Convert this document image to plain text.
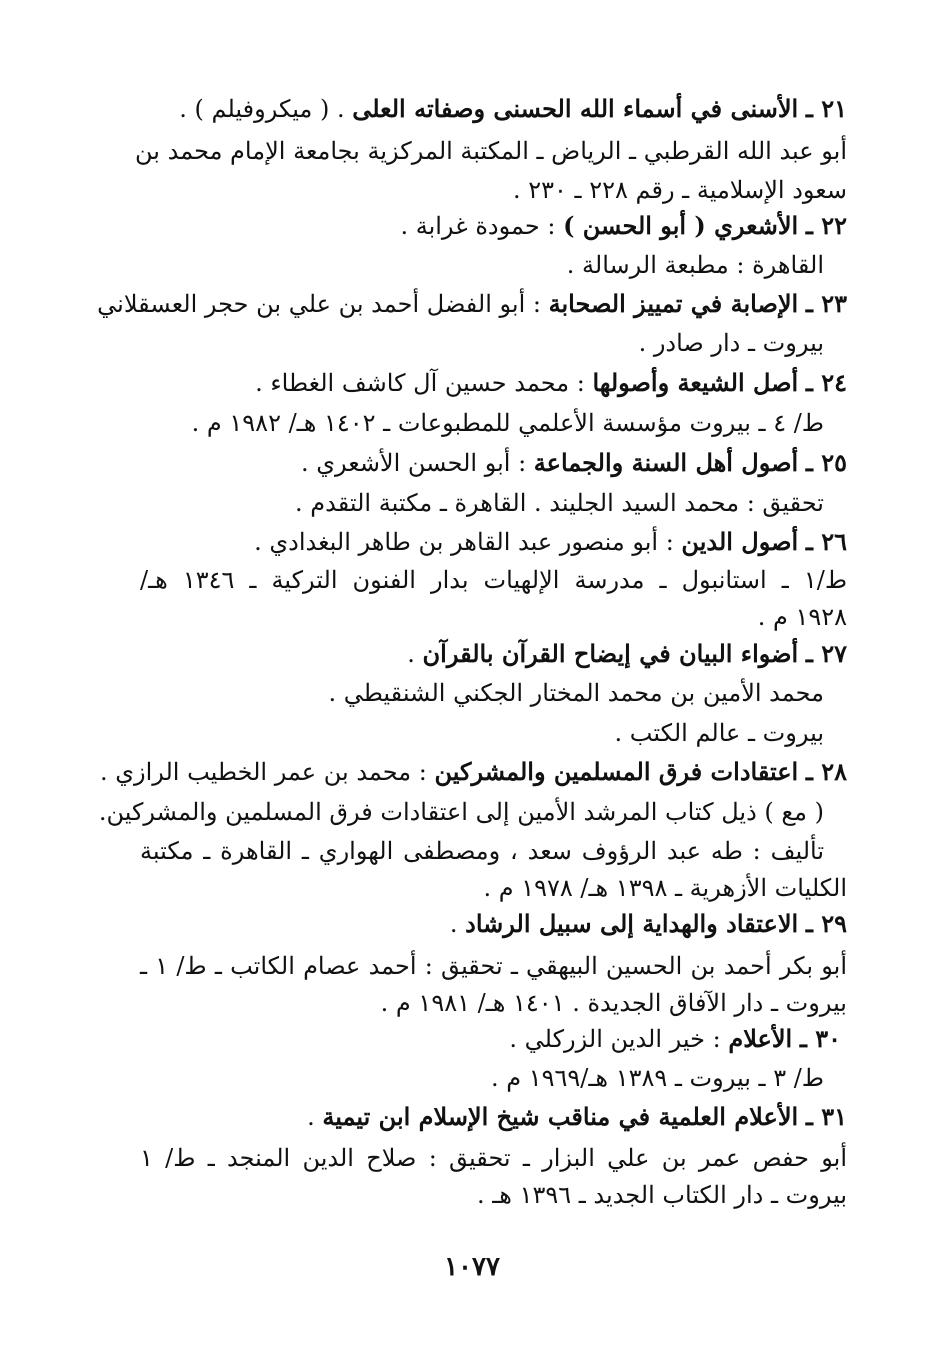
٢١ ـ الأسنى في أسماء الله الحسنى وصفاته العلى . ( ميكروفيلم ) .
أبو عبد الله القرطبي ـ الرياض ـ المكتبة المركزية بجامعة الإمام محمد بن
سعود الإسلامية ـ رقم ٢٢٨ ـ ٢٣٠ .
٢٢ ـ الأشعري ( أبو الحسن ) : حمودة غرابة .
القاهرة : مطبعة الرسالة .
٢٣ ـ الإصابة في تمييز الصحابة : أبو الفضل أحمد بن علي بن حجر العسقلاني
بيروت ـ دار صادر .
٢٤ ـ أصل الشيعة وأصولها : محمد حسين آل كاشف الغطاء .
ط/ ٤ ـ بيروت مؤسسة الأعلمي للمطبوعات ـ ١٤٠٢ هـ/ ١٩٨٢ م .
٢٥ ـ أصول أهل السنة والجماعة : أبو الحسن الأشعري .
تحقيق : محمد السيد الجليند . القاهرة ـ مكتبة التقدم .
٢٦ ـ أصول الدين : أبو منصور عبد القاهر بن طاهر البغدادي .
ط/١ ـ استانبول ـ مدرسة الإلهيات بدار الفنون التركية ـ ١٣٤٦ هـ/
١٩٢٨ م .
٢٧ ـ أضواء البيان في إيضاح القرآن بالقرآن .
محمد الأمين بن محمد المختار الجكني الشنقيطي .
بيروت ـ عالم الكتب .
٢٨ ـ اعتقادات فرق المسلمين والمشركين : محمد بن عمر الخطيب الرازي .
( مع ) ذيل كتاب المرشد الأمين إلى اعتقادات فرق المسلمين والمشركين.
تأليف : طه عبد الرؤوف سعد ، ومصطفى الهواري ـ القاهرة ـ مكتبة
الكليات الأزهرية ـ ١٣٩٨ هـ/ ١٩٧٨ م .
٢٩ ـ الاعتقاد والهداية إلى سبيل الرشاد .
أبو بكر أحمد بن الحسين البيهقي ـ تحقيق : أحمد عصام الكاتب ـ ط/ ١ ـ
بيروت ـ دار الآفاق الجديدة . ١٤٠١ هـ/ ١٩٨١ م .
٣٠ ـ الأعلام : خير الدين الزركلي .
ط/ ٣ ـ بيروت ـ ١٣٨٩ هـ/١٩٦٩ م .
٣١ ـ الأعلام العلمية في مناقب شيخ الإسلام ابن تيمية .
أبو حفص عمر بن علي البزار ـ تحقيق : صلاح الدين المنجد ـ ط/ ١
بيروت ـ دار الكتاب الجديد ـ ١٣٩٦ هـ .
١٠٧٧
